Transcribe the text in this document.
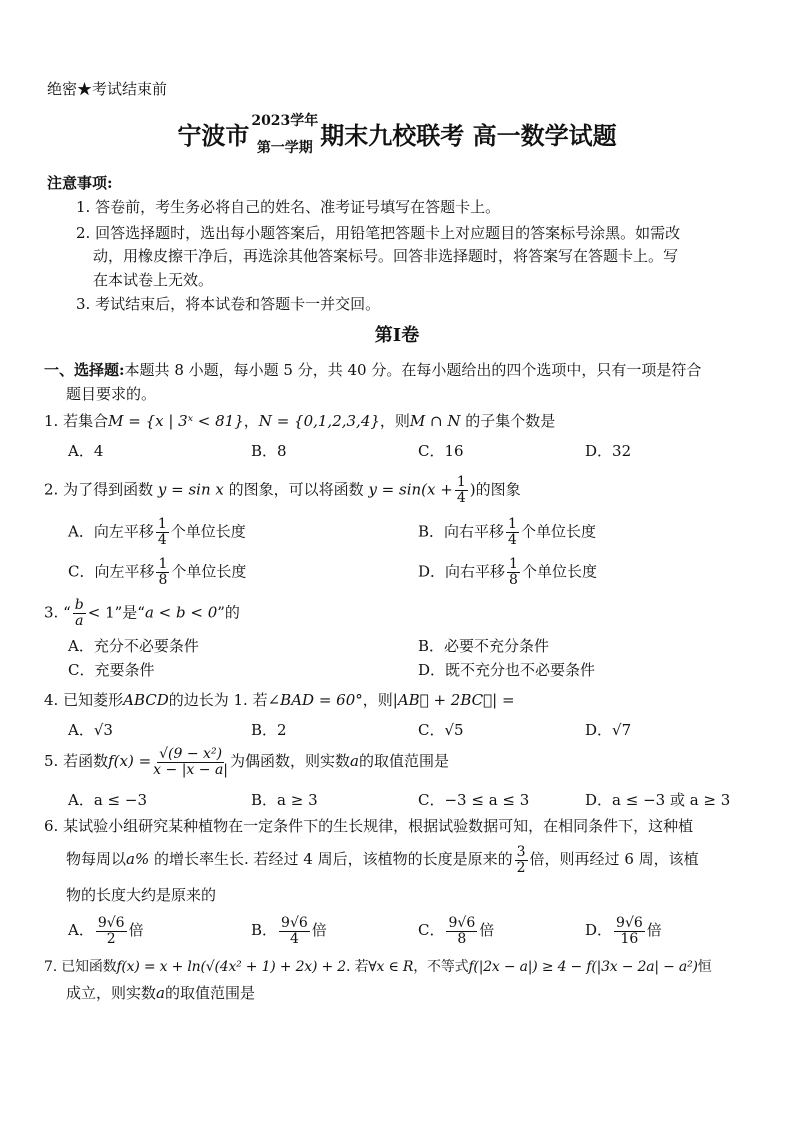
绝密★考试结束前
宁波市
2023学年
第一学期 期末九校联考 高一数学试题
注意事项:
1. 答卷前，考生务必将自己的姓名、准考证号填写在答题卡上。
2. 回答选择题时，选出每小题答案后，用铅笔把答题卡上对应题目的答案标号涂黑。如需改
动，用橡皮擦干净后，再选涂其他答案标号。回答非选择题时，将答案写在答题卡上。写
在本试卷上无效。
3. 考试结束后，将本试卷和答题卡一并交回。
第Ⅰ卷
一、选择题:本题共 8 小题，每小题 5 分，共 40 分。在每小题给出的四个选项中，只有一项是符合
题目要求的。
1. 若集合M = {x | 3ˣ < 81}，N = {0,1,2,3,4}，则M ∩ N 的子集个数是
A．4	B．8	C．16	D．32
2. 为了得到函数 y = sin x 的图象，可以将函数 $y = \sin(x + \frac{1}{4}$ )的图象
A．向左平移 $\frac{1}{4}$ 个单位长度	B．向右平移 $\frac{1}{4}$ 个单位长度
C．向左平移 $\frac{1}{8}$ 个单位长度	D．向右平移 $\frac{1}{8}$ 个单位长度
3. “ $\frac{b}{a} < 1$”是“a < b < 0”的
A．充分不必要条件	B．必要不充分条件
C．充要条件	D．既不充分也不必要条件
4. 已知菱形ABCD的边长为 1. 若∠BAD = 60°，则|AB⃗ + 2BC⃗| =
A．√3	B．2	C．√5	D．√7
5. 若函数$f(x) = \frac{\text{√(9 − x²)}}{x - |x - a|}$ 为偶函数，则实数a的取值范围是
A．a ≤ −3	B．a ≥ 3	C．−3 ≤ a ≤ 3	D．a ≤ −3 或 a ≥ 3
6. 某试验小组研究某种植物在一定条件下的生长规律，根据试验数据可知，在相同条件下，这种植
物每周以a% 的增长率生长. 若经过 4 周后，该植物的长度是原来的 $\frac{3}{2}$ 倍，则再经过 6 周，该植
物的长度大约是原来的
A． $\frac{9√6}{2}$ 倍	B． $\frac{9√6}{4}$ 倍	C． $\frac{9√6}{8}$ 倍	D． $\frac{9√6}{16}$ 倍
7. 已知函数f(x) = x + ln(√(4x² + 1) + 2x) + 2. 若∀x ∈ R，不等式f(|2x − a|) ≥ 4 − f(|3x − 2a| − a²)恒
成立，则实数a的取值范围是
